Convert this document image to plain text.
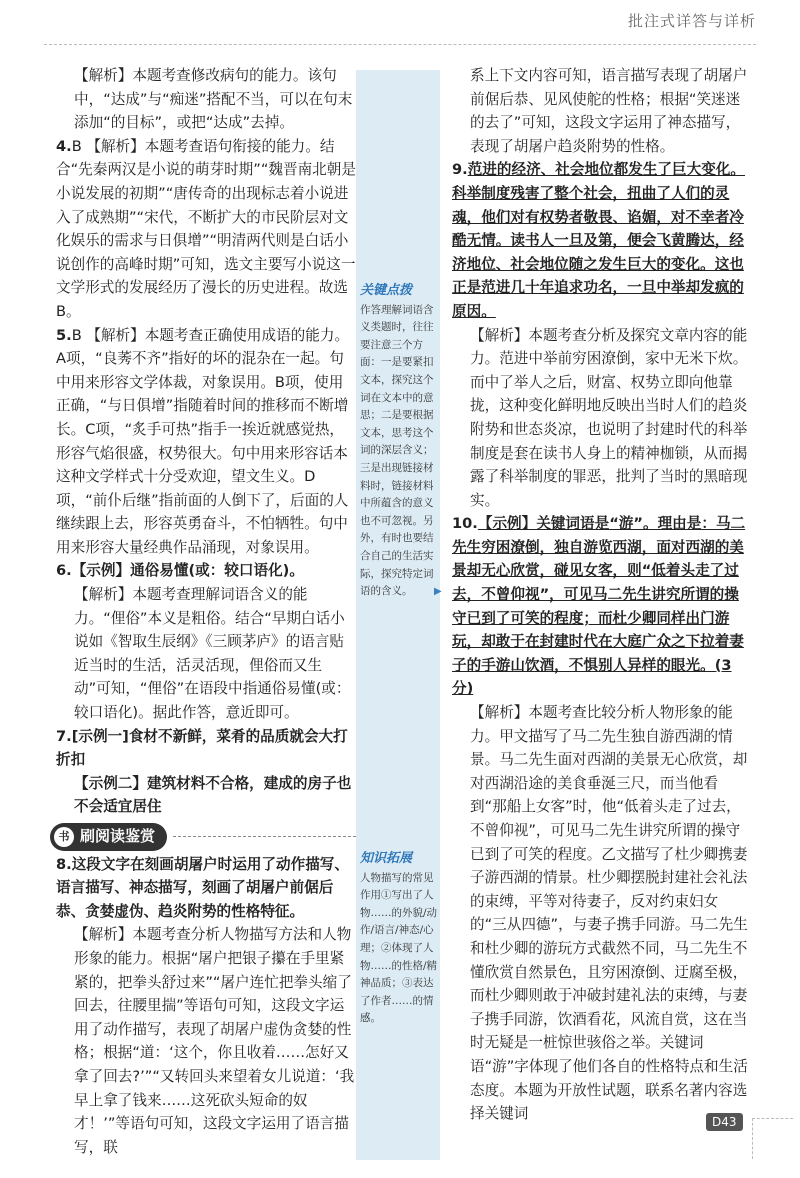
批注式详答与详析
关键点拨
作答理解词语含义类题时，往往要注意三个方面：一是要紧扣文本，探究这个词在文本中的意思；二是要根据文本，思考这个词的深层含义；三是出现链接材料时，链接材料中所蕴含的意义也不可忽视。另外，有时也要结合自己的生活实际，探究特定词语的含义。
知识拓展
人物描写的常见作用①写出了人物……的外貌/动作/语言/神态/心理；②体现了人物……的性格/精神品质；③表达了作者……的情感。
▶

【解析】本题考查修改病句的能力。该句中，“达成”与“痴迷”搭配不当，可以在句末添加“的目标”，或把“达成”去掉。

4.B 【解析】本题考查语句衔接的能力。结合“先秦两汉是小说的萌芽时期”“魏晋南北朝是小说发展的初期”“唐传奇的出现标志着小说进入了成熟期”“宋代，不断扩大的市民阶层对文化娱乐的需求与日俱增”“明清两代则是白话小说创作的高峰时期”可知，选文主要写小说这一文学形式的发展经历了漫长的历史进程。故选B。

5.B 【解析】本题考查正确使用成语的能力。A项，“良莠不齐”指好的坏的混杂在一起。句中用来形容文学体裁，对象误用。B项，使用正确，“与日俱增”指随着时间的推移而不断增长。C项，“炙手可热”指手一挨近就感觉热，形容气焰很盛，权势很大。句中用来形容话本这种文学样式十分受欢迎，望文生义。D项，“前仆后继”指前面的人倒下了，后面的人继续跟上去，形容英勇奋斗，不怕牺牲。句中用来形容大量经典作品涌现，对象误用。

6.【示例】通俗易懂(或：较口语化)。

【解析】本题考查理解词语含义的能力。“俚俗”本义是粗俗。结合“早期白话小说如《智取生辰纲》《三顾茅庐》的语言贴近当时的生活，活灵活现，俚俗而又生动”可知，“俚俗”在语段中指通俗易懂(或：较口语化)。据此作答，意近即可。

7.[示例一]食材不新鲜，菜肴的品质就会大打折扣

【示例二】建筑材料不合格，建成的房子也不会适宜居住

书 刷阅读鉴赏

8.这段文字在刻画胡屠户时运用了动作描写、语言描写、神态描写，刻画了胡屠户前倨后恭、贪婪虚伪、趋炎附势的性格特征。

【解析】本题考查分析人物描写方法和人物形象的能力。根据“屠户把银子攥在手里紧紧的，把拳头舒过来”“屠户连忙把拳头缩了回去，往腰里揣”等语句可知，这段文字运用了动作描写，表现了胡屠户虚伪贪婪的性格；根据“道：‘这个，你且收着……怎好又拿了回去?’”“又转回头来望着女儿说道：‘我早上拿了钱来……这死砍头短命的奴才！’”等语句可知，这段文字运用了语言描写，联

系上下文内容可知，语言描写表现了胡屠户前倨后恭、见风使舵的性格；根据“笑迷迷的去了”可知，这段文字运用了神态描写，表现了胡屠户趋炎附势的性格。

9.范进的经济、社会地位都发生了巨大变化。科举制度残害了整个社会，扭曲了人们的灵魂，他们对有权势者敬畏、谄媚，对不幸者冷酷无情。读书人一旦及第，便会飞黄腾达，经济地位、社会地位随之发生巨大的变化。这也正是范进几十年追求功名，一旦中举却发疯的原因。

【解析】本题考查分析及探究文章内容的能力。范进中举前穷困潦倒，家中无米下炊。而中了举人之后，财富、权势立即向他靠拢，这种变化鲜明地反映出当时人们的趋炎附势和世态炎凉，也说明了封建时代的科举制度是套在读书人身上的精神枷锁，从而揭露了科举制度的罪恶，批判了当时的黑暗现实。

10.【示例】关键词语是“游”。理由是：马二先生穷困潦倒，独自游览西湖，面对西湖的美景却无心欣赏，碰见女客，则“低着头走了过去，不曾仰视”，可见马二先生讲究所谓的操守已到了可笑的程度；而杜少卿同样出门游玩，却敢于在封建时代在大庭广众之下拉着妻子的手游山饮酒，不惧别人异样的眼光。(3分)

【解析】本题考查比较分析人物形象的能力。甲文描写了马二先生独自游西湖的情景。马二先生面对西湖的美景无心欣赏，却对西湖沿途的美食垂涎三尺，而当他看到“那船上女客”时，他“低着头走了过去，不曾仰视”，可见马二先生讲究所谓的操守已到了可笑的程度。乙文描写了杜少卿携妻子游西湖的情景。杜少卿摆脱封建社会礼法的束缚，平等对待妻子，反对约束妇女的“三从四德”，与妻子携手同游。马二先生和杜少卿的游玩方式截然不同，马二先生不懂欣赏自然景色，且穷困潦倒、迂腐至极，而杜少卿则敢于冲破封建礼法的束缚，与妻子携手同游，饮酒看花，风流自赏，这在当时无疑是一桩惊世骇俗之举。关键词语“游”字体现了他们各自的性格特点和生活态度。本题为开放性试题，联系名著内容选择关键词	D43
